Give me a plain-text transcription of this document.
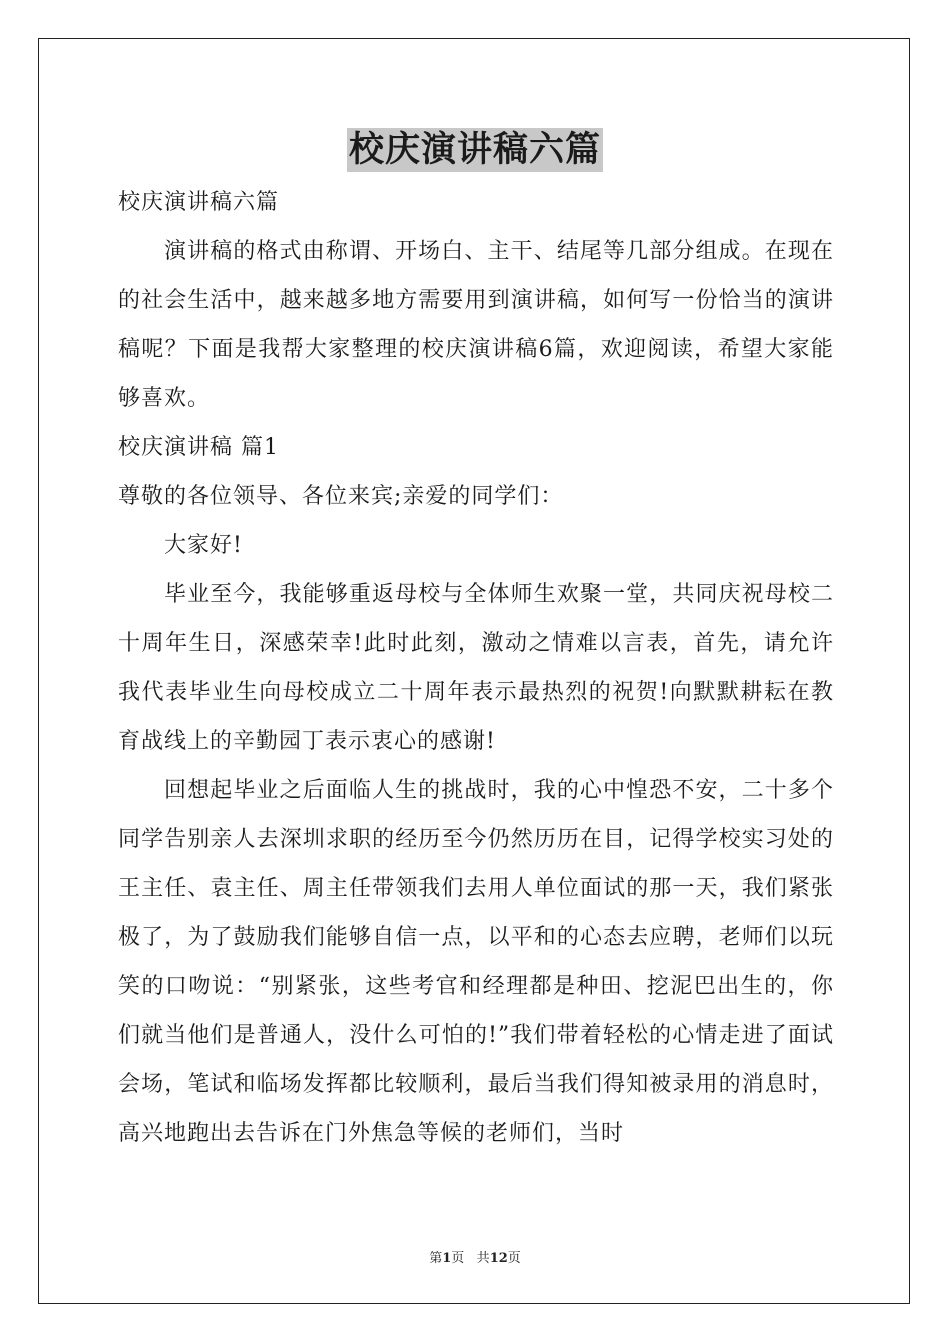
校庆演讲稿六篇

校庆演讲稿六篇

演讲稿的格式由称谓、开场白、主干、结尾等几部分组成。在现在的社会生活中，越来越多地方需要用到演讲稿，如何写一份恰当的演讲稿呢？下面是我帮大家整理的校庆演讲稿6篇，欢迎阅读，希望大家能够喜欢。

校庆演讲稿 篇1

尊敬的各位领导、各位来宾;亲爱的同学们：

大家好!

毕业至今，我能够重返母校与全体师生欢聚一堂，共同庆祝母校二十周年生日，深感荣幸!此时此刻，激动之情难以言表，首先，请允许我代表毕业生向母校成立二十周年表示最热烈的祝贺!向默默耕耘在教育战线上的辛勤园丁表示衷心的感谢!

回想起毕业之后面临人生的挑战时，我的心中惶恐不安，二十多个同学告别亲人去深圳求职的经历至今仍然历历在目，记得学校实习处的王主任、袁主任、周主任带领我们去用人单位面试的那一天，我们紧张极了，为了鼓励我们能够自信一点，以平和的心态去应聘，老师们以玩笑的口吻说：“别紧张，这些考官和经理都是种田、挖泥巴出生的，你们就当他们是普通人，没什么可怕的!”我们带着轻松的心情走进了面试会场，笔试和临场发挥都比较顺利，最后当我们得知被录用的消息时，高兴地跑出去告诉在门外焦急等候的老师们，当时

第1页 共12页
